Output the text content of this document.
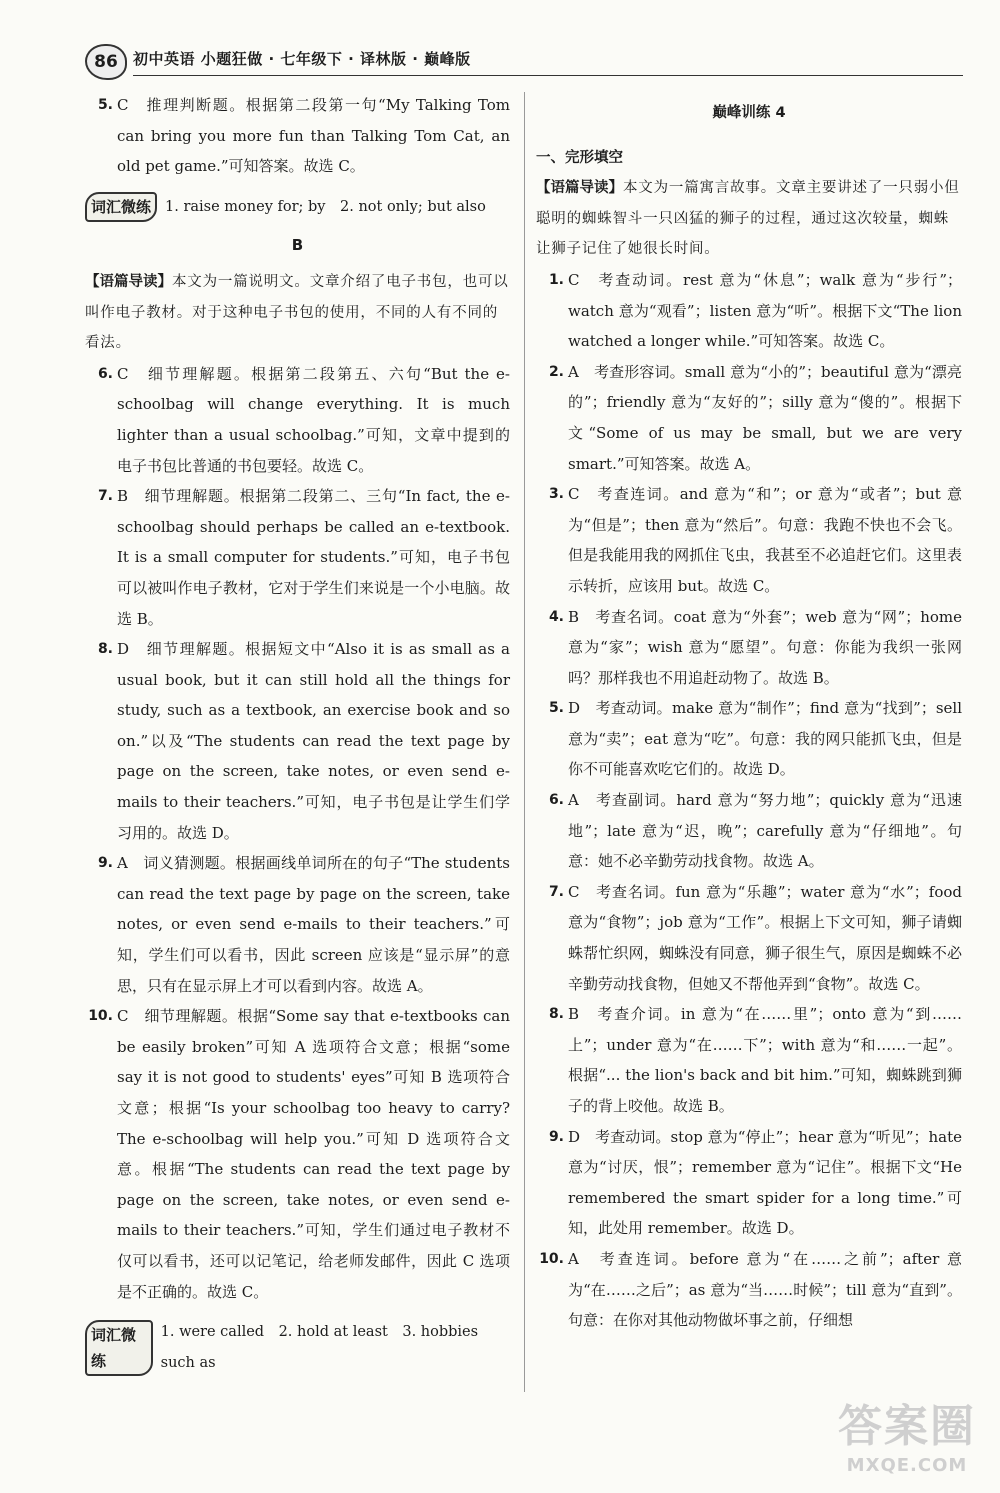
86	初中英语 小题狂做 · 七年级下 · 译林版 · 巅峰版

5. C　推理判断题。根据第二段第一句“My Talking Tom can bring you more fun than Talking Tom Cat, an old pet game.”可知答案。故选 C。

词汇微练 1. raise money for; by　2. not only; but also
B

【语篇导读】本文为一篇说明文。文章介绍了电子书包，也可以叫作电子教材。对于这种电子书包的使用，不同的人有不同的看法。

6. C　细节理解题。根据第二段第五、六句“But the e-schoolbag will change everything. It is much lighter than a usual schoolbag.”可知，文章中提到的电子书包比普通的书包要轻。故选 C。

7. B　细节理解题。根据第二段第二、三句“In fact, the e-schoolbag should perhaps be called an e-textbook. It is a small computer for students.”可知，电子书包可以被叫作电子教材，它对于学生们来说是一个小电脑。故选 B。

8. D　细节理解题。根据短文中“Also it is as small as a usual book, but it can still hold all the things for study, such as a textbook, an exercise book and so on.”以及“The students can read the text page by page on the screen, take notes, or even send e-mails to their teachers.”可知，电子书包是让学生们学习用的。故选 D。

9. A　词义猜测题。根据画线单词所在的句子“The students can read the text page by page on the screen, take notes, or even send e-mails to their teachers.”可知，学生们可以看书，因此 screen 应该是“显示屏”的意思，只有在显示屏上才可以看到内容。故选 A。

10. C　细节理解题。根据“Some say that e-textbooks can be easily broken”可知 A 选项符合文意；根据“some say it is not good to students' eyes”可知 B 选项符合文意；根据“Is your schoolbag too heavy to carry? The e-schoolbag will help you.”可知 D 选项符合文意。根据“The students can read the text page by page on the screen, take notes, or even send e-mails to their teachers.”可知，学生们通过电子教材不仅可以看书，还可以记笔记，给老师发邮件，因此 C 选项是不正确的。故选 C。

词汇微练
1. were called　2. hold at least　3. hobbies such as
巅峰训练 4
一、完形填空

【语篇导读】本文为一篇寓言故事。文章主要讲述了一只弱小但聪明的蜘蛛智斗一只凶猛的狮子的过程，通过这次较量，蜘蛛让狮子记住了她很长时间。

1. C　考查动词。rest 意为“休息”；walk 意为“步行”；watch 意为“观看”；listen 意为“听”。根据下文“The lion watched a longer while.”可知答案。故选 C。

2. A　考查形容词。small 意为“小的”；beautiful 意为“漂亮的”；friendly 意为“友好的”；silly 意为“傻的”。根据下文“Some of us may be small, but we are very smart.”可知答案。故选 A。

3. C　考查连词。and 意为“和”；or 意为“或者”；but 意为“但是”；then 意为“然后”。句意：我跑不快也不会飞。但是我能用我的网抓住飞虫，我甚至不必追赶它们。这里表示转折，应该用 but。故选 C。

4. B　考查名词。coat 意为“外套”；web 意为“网”；home 意为“家”；wish 意为“愿望”。句意：你能为我织一张网吗？那样我也不用追赶动物了。故选 B。

5. D　考查动词。make 意为“制作”；find 意为“找到”；sell 意为“卖”；eat 意为“吃”。句意：我的网只能抓飞虫，但是你不可能喜欢吃它们的。故选 D。

6. A　考查副词。hard 意为“努力地”；quickly 意为“迅速地”；late 意为“迟，晚”；carefully 意为“仔细地”。句意：她不必辛勤劳动找食物。故选 A。

7. C　考查名词。fun 意为“乐趣”；water 意为“水”；food 意为“食物”；job 意为“工作”。根据上下文可知，狮子请蜘蛛帮忙织网，蜘蛛没有同意，狮子很生气，原因是蜘蛛不必辛勤劳动找食物，但她又不帮他弄到“食物”。故选 C。

8. B　考查介词。in 意为“在……里”；onto 意为“到……上”；under 意为“在……下”；with 意为“和……一起”。根据“... the lion's back and bit him.”可知，蜘蛛跳到狮子的背上咬他。故选 B。

9. D　考查动词。stop 意为“停止”；hear 意为“听见”；hate 意为“讨厌，恨”；remember 意为“记住”。根据下文“He remembered the smart spider for a long time.”可知，此处用 remember。故选 D。

10. A　考查连词。before 意为“在……之前”；after 意为“在……之后”；as 意为“当……时候”；till 意为“直到”。句意：在你对其他动物做坏事之前，仔细想

答案圈
MXQE.COM
